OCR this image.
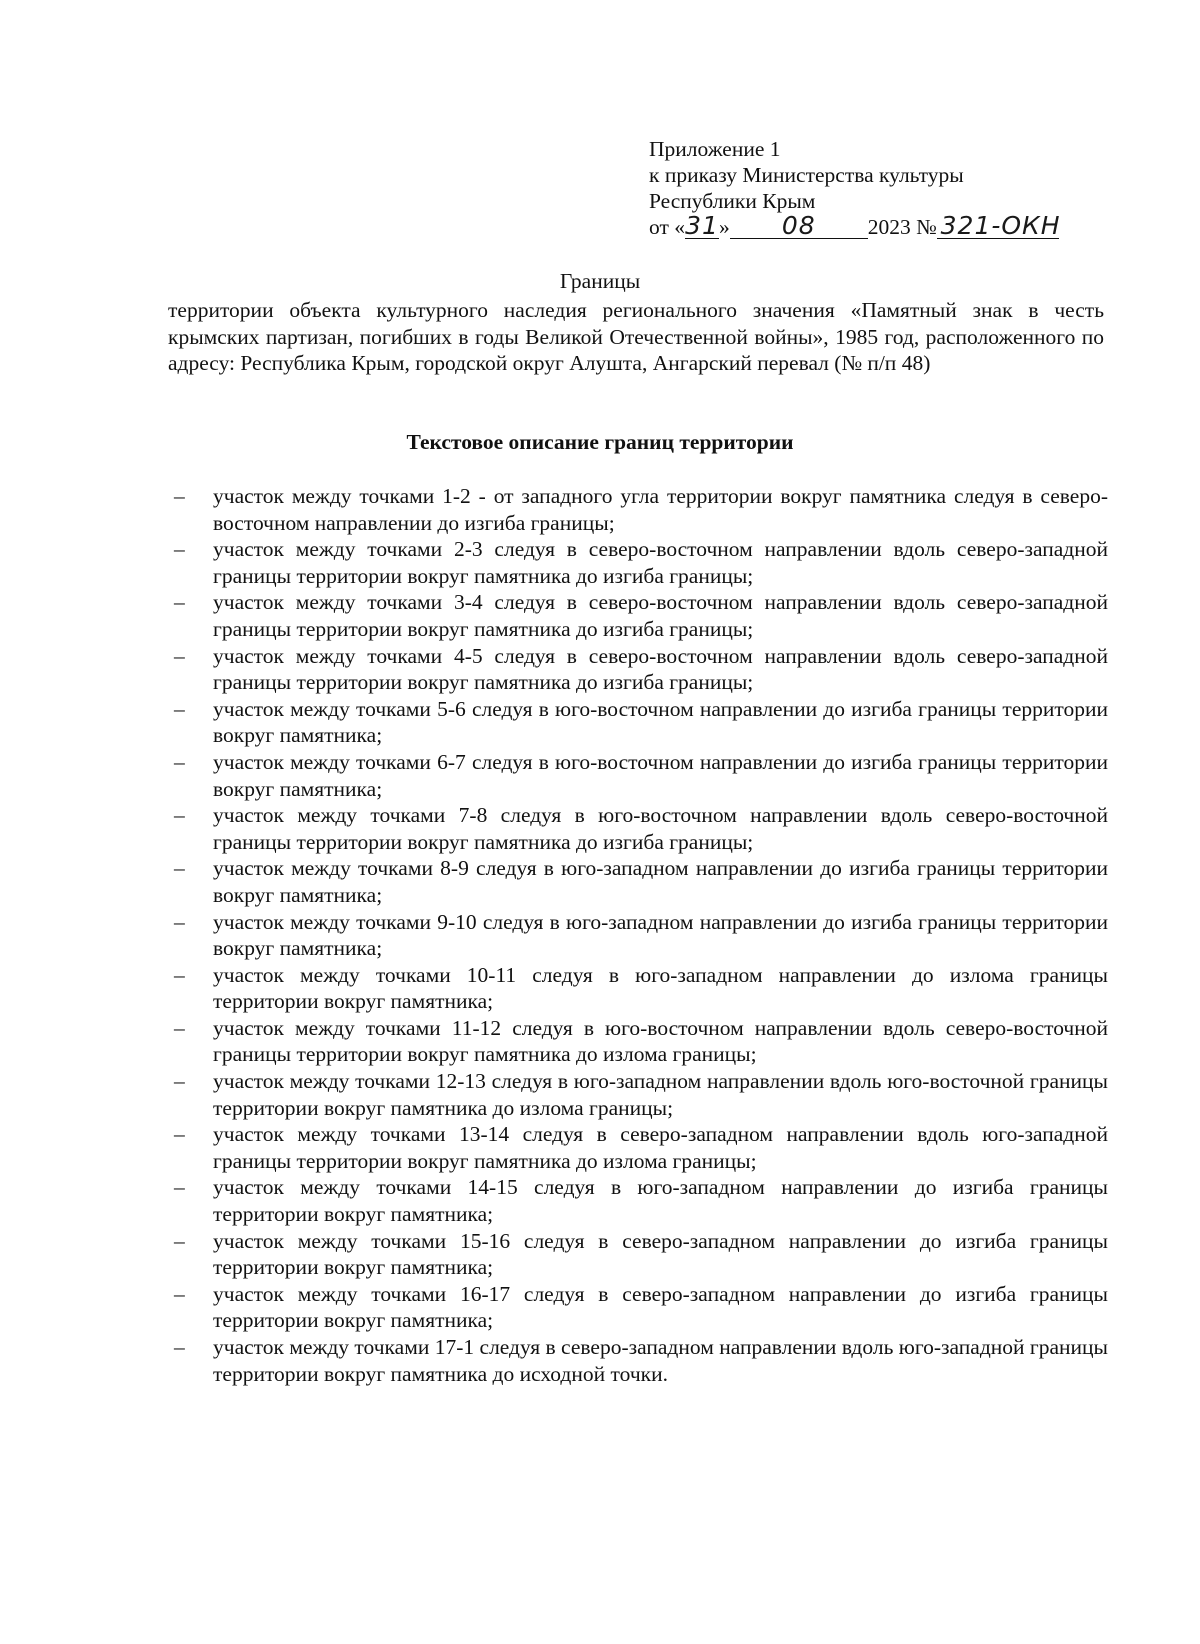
Приложение 1
к приказу Министерства культуры
Республики Крым
от «31» 08 2023 № 321-ОКН
Границы
территории объекта культурного наследия регионального значения «Памятный знак в честь крымских партизан, погибших в годы Великой Отечественной войны», 1985 год, расположенного по адресу: Республика Крым, городской округ Алушта, Ангарский перевал (№ п/п 48)
Текстовое описание границ территории
– участок между точками 1-2 - от западного угла территории вокруг памятника следуя в северо-восточном направлении до изгиба границы;
– участок между точками 2-3 следуя в северо-восточном направлении вдоль северо-западной границы территории вокруг памятника до изгиба границы;
– участок между точками 3-4 следуя в северо-восточном направлении вдоль северо-западной границы территории вокруг памятника до изгиба границы;
– участок между точками 4-5 следуя в северо-восточном направлении вдоль северо-западной границы территории вокруг памятника до изгиба границы;
– участок между точками 5-6 следуя в юго-восточном направлении до изгиба границы территории вокруг памятника;
– участок между точками 6-7 следуя в юго-восточном направлении до изгиба границы территории вокруг памятника;
– участок между точками 7-8 следуя в юго-восточном направлении вдоль северо-восточной границы территории вокруг памятника до изгиба границы;
– участок между точками 8-9 следуя в юго-западном направлении до изгиба границы территории вокруг памятника;
– участок между точками 9-10 следуя в юго-западном направлении до изгиба границы территории вокруг памятника;
– участок между точками 10-11 следуя в юго-западном направлении до излома границы территории вокруг памятника;
– участок между точками 11-12 следуя в юго-восточном направлении вдоль северо-восточной границы территории вокруг памятника до излома границы;
– участок между точками 12-13 следуя в юго-западном направлении вдоль юго-восточной границы территории вокруг памятника до излома границы;
– участок между точками 13-14 следуя в северо-западном направлении вдоль юго-западной границы территории вокруг памятника до излома границы;
– участок между точками 14-15 следуя в юго-западном направлении до изгиба границы территории вокруг памятника;
– участок между точками 15-16 следуя в северо-западном направлении до изгиба границы территории вокруг памятника;
– участок между точками 16-17 следуя в северо-западном направлении до изгиба границы территории вокруг памятника;
– участок между точками 17-1 следуя в северо-западном направлении вдоль юго-западной границы территории вокруг памятника до исходной точки.
